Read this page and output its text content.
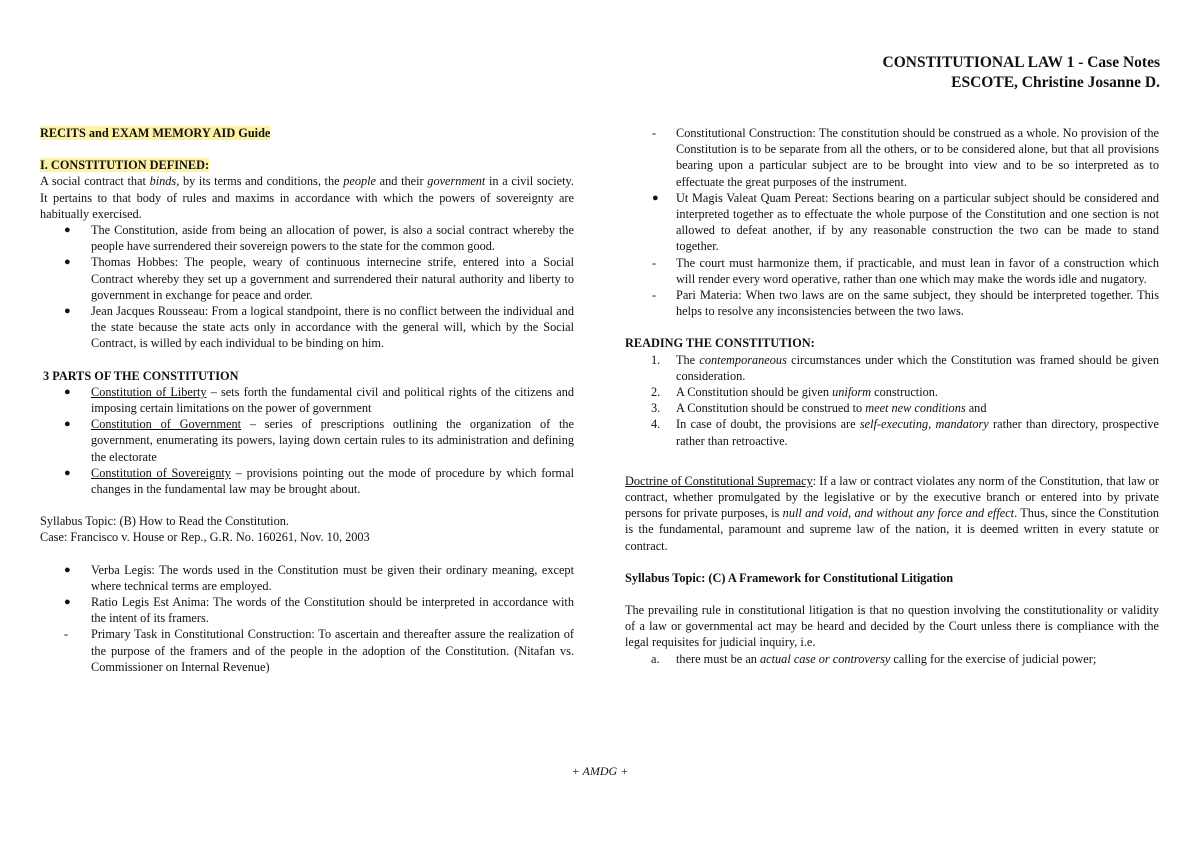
CONSTITUTIONAL LAW 1 - Case Notes
ESCOTE, Christine Josanne D.

RECITS and EXAM MEMORY AID Guide

I. CONSTITUTION DEFINED:

A social contract that binds, by its terms and conditions, the people and their government in a civil society. It pertains to that body of rules and maxims in accordance with which the powers of sovereignty are habitually exercised.

● The Constitution, aside from being an allocation of power, is also a social contract whereby the people have surrendered their sovereign powers to the state for the common good.
● Thomas Hobbes: The people, weary of continuous internecine strife, entered into a Social Contract whereby they set up a government and surrendered their natural authority and liberty to government in exchange for peace and order.
● Jean Jacques Rousseau: From a logical standpoint, there is no conflict between the individual and the state because the state acts only in accordance with the general will, which by the Social Contract, is willed by each individual to be binding on him.

3 PARTS OF THE CONSTITUTION

● Constitution of Liberty – sets forth the fundamental civil and political rights of the citizens and imposing certain limitations on the power of government
● Constitution of Government – series of prescriptions outlining the organization of the government, enumerating its powers, laying down certain rules to its administration and defining the electorate
● Constitution of Sovereignty – provisions pointing out the mode of procedure by which formal changes in the fundamental law may be brought about.

Syllabus Topic: (B) How to Read the Constitution.

Case: Francisco v. House or Rep., G.R. No. 160261, Nov. 10, 2003

● Verba Legis: The words used in the Constitution must be given their ordinary meaning, except where technical terms are employed.
● Ratio Legis Est Anima: The words of the Constitution should be interpreted in accordance with the intent of its framers.
- Primary Task in Constitutional Construction: To ascertain and thereafter assure the realization of the purpose of the framers and of the people in the adoption of the Constitution. (Nitafan vs. Commissioner on Internal Revenue)
- Constitutional Construction: The constitution should be construed as a whole. No provision of the Constitution is to be separate from all the others, or to be considered alone, but that all provisions bearing upon a particular subject are to be brought into view and to be so interpreted as to effectuate the great purposes of the instrument.
● Ut Magis Valeat Quam Pereat: Sections bearing on a particular subject should be considered and interpreted together as to effectuate the whole purpose of the Constitution and one section is not allowed to defeat another, if by any reasonable construction the two can be made to stand together.
- The court must harmonize them, if practicable, and must lean in favor of a construction which will render every word operative, rather than one which may make the words idle and nugatory.
- Pari Materia: When two laws are on the same subject, they should be interpreted together. This helps to resolve any inconsistencies between the two laws.

READING THE CONSTITUTION:

1. The contemporaneous circumstances under which the Constitution was framed should be given consideration.
2. A Constitution should be given uniform construction.
3. A Constitution should be construed to meet new conditions and
4. In case of doubt, the provisions are self-executing, mandatory rather than directory, prospective rather than retroactive.

Doctrine of Constitutional Supremacy: If a law or contract violates any norm of the Constitution, that law or contract, whether promulgated by the legislative or by the executive branch or entered into by private persons for private purposes, is null and void, and without any force and effect. Thus, since the Constitution is the fundamental, paramount and supreme law of the nation, it is deemed written in every statute or contract.

Syllabus Topic: (C) A Framework for Constitutional Litigation

The prevailing rule in constitutional litigation is that no question involving the constitutionality or validity of a law or governmental act may be heard and decided by the Court unless there is compliance with the legal requisites for judicial inquiry, i.e.

a. there must be an actual case or controversy calling for the exercise of judicial power;
+ AMDG +
